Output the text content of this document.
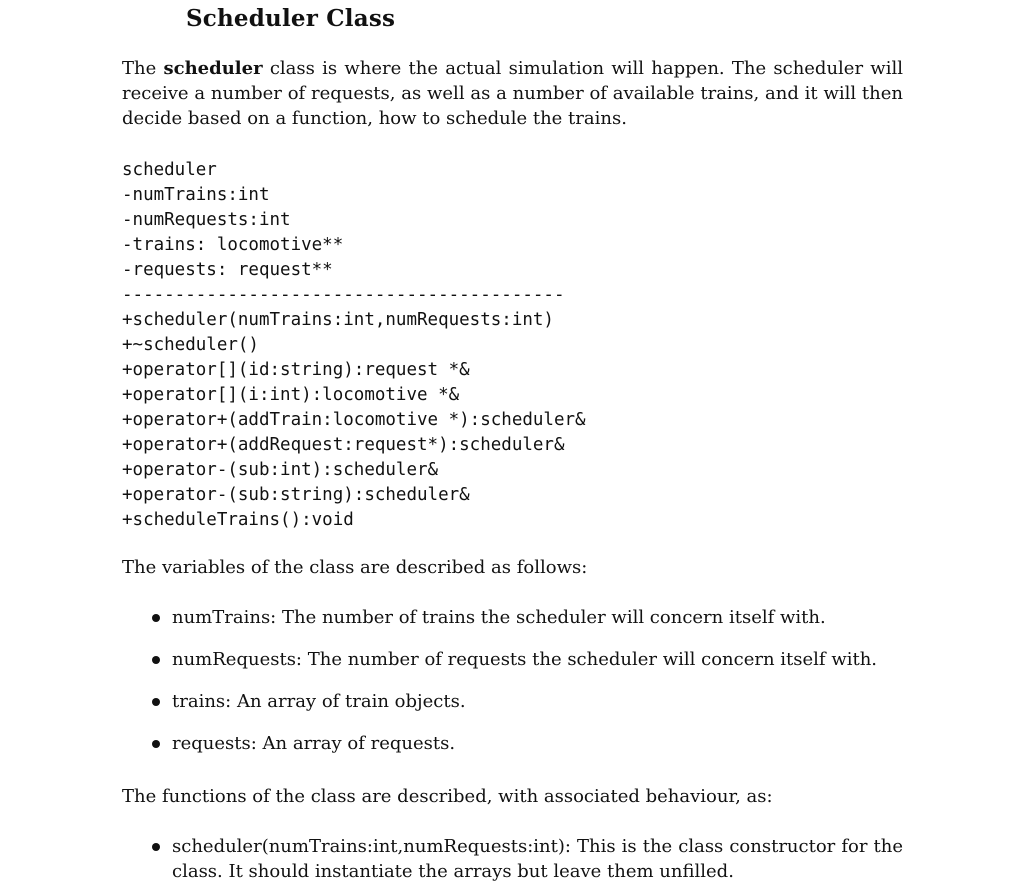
Scheduler Class

The scheduler class is where the actual simulation will happen. The scheduler will receive a number of requests, as well as a number of available trains, and it will then decide based on a function, how to schedule the trains.

scheduler
-numTrains:int
-numRequests:int
-trains: locomotive**
-requests: request**
------------------------------------------
+scheduler(numTrains:int,numRequests:int)
+~scheduler()
+operator[](id:string):request *&
+operator[](i:int):locomotive *&
+operator+(addTrain:locomotive *):scheduler&
+operator+(addRequest:request*):scheduler&
+operator-(sub:int):scheduler&
+operator-(sub:string):scheduler&
+scheduleTrains():void

The variables of the class are described as follows:

numTrains: The number of trains the scheduler will concern itself with.
numRequests: The number of requests the scheduler will concern itself with.
trains: An array of train objects.
requests: An array of requests.

The functions of the class are described, with associated behaviour, as:

scheduler(numTrains:int,numRequests:int): This is the class constructor for the class. It should instantiate the arrays but leave them unfilled.
